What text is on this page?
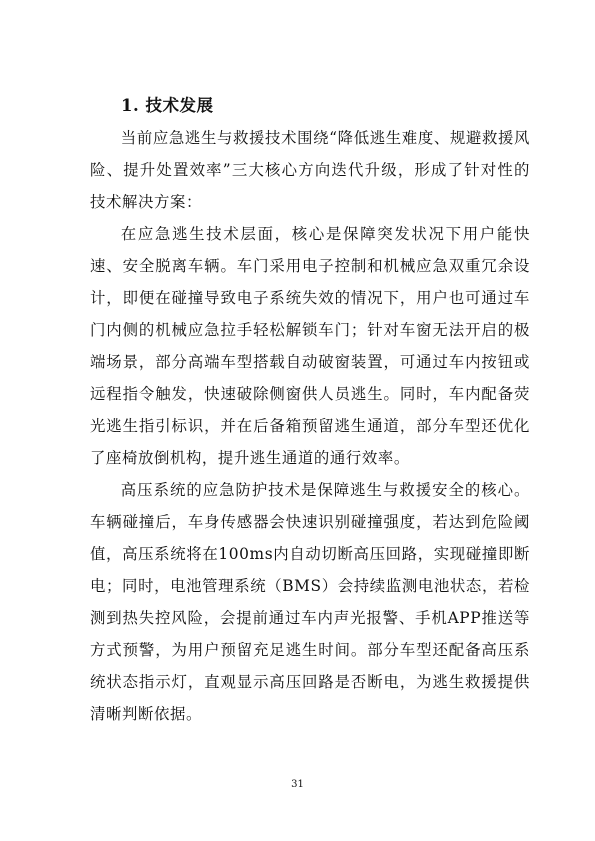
1. 技术发展

当前应急逃生与救援技术围绕“降低逃生难度、规避救援风险、提升处置效率”三大核心方向迭代升级，形成了针对性的技术解决方案：

在应急逃生技术层面，核心是保障突发状况下用户能快速、安全脱离车辆。车门采用电子控制和机械应急双重冗余设计，即便在碰撞导致电子系统失效的情况下，用户也可通过车门内侧的机械应急拉手轻松解锁车门；针对车窗无法开启的极端场景，部分高端车型搭载自动破窗装置，可通过车内按钮或远程指令触发，快速破除侧窗供人员逃生。同时，车内配备荧光逃生指引标识，并在后备箱预留逃生通道，部分车型还优化了座椅放倒机构，提升逃生通道的通行效率。

高压系统的应急防护技术是保障逃生与救援安全的核心。车辆碰撞后，车身传感器会快速识别碰撞强度，若达到危险阈值，高压系统将在100ms内自动切断高压回路，实现碰撞即断电；同时，电池管理系统（BMS）会持续监测电池状态，若检测到热失控风险，会提前通过车内声光报警、手机APP推送等方式预警，为用户预留充足逃生时间。部分车型还配备高压系统状态指示灯，直观显示高压回路是否断电，为逃生救援提供清晰判断依据。

31
